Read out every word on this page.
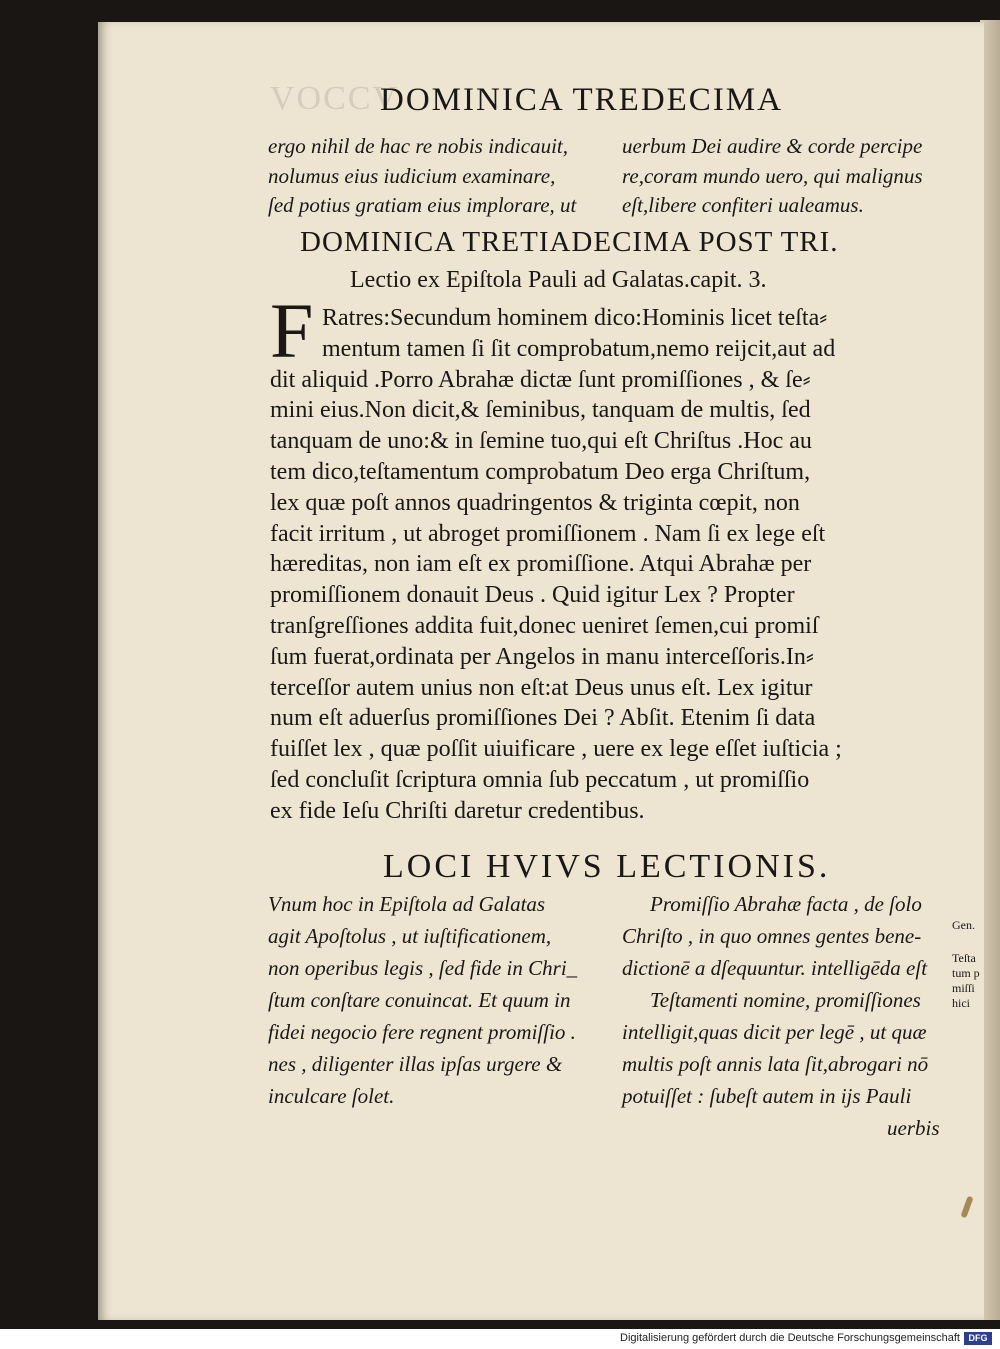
VOCCV
DOMINICA TREDECIMA
ergo nihil de hac re nobis indicauit,
nolumus eius iudicium examinare,
ſed potius gratiam eius implorare, ut
uerbum Dei audire & corde percipe
re,coram mundo uero, qui malignus
eſt,libere confiteri ualeamus.
DOMINICA TRETIADECIMA POST TRI.
Lectio ex Epiſtola Pauli ad Galatas.capit. 3.
F Ratres:Secundum hominem dico:Hominis licet teſta⸗
mentum tamen ſi ſit comprobatum,nemo reijcit,aut ad
dit aliquid .Porro Abrahæ dictæ ſunt promiſſiones , & ſe⸗
mini eius.Non dicit,& ſeminibus, tanquam de multis, ſed
tanquam de uno:& in ſemine tuo,qui eſt Chriſtus .Hoc au
tem dico,teſtamentum comprobatum Deo erga Chriſtum,
lex quæ poſt annos quadringentos & triginta cœpit, non
facit irritum , ut abroget promiſſionem . Nam ſi ex lege eſt
hæreditas, non iam eſt ex promiſſione. Atqui Abrahæ per
promiſſionem donauit Deus . Quid igitur Lex ? Propter
tranſgreſſiones addita fuit,donec ueniret ſemen,cui promiſ
ſum fuerat,ordinata per Angelos in manu interceſſoris.In⸗
terceſſor autem unius non eſt:at Deus unus eſt. Lex igitur
num eſt aduerſus promiſſiones Dei ? Abſit. Etenim ſi data
fuiſſet lex , quæ poſſit uiuificare , uere ex lege eſſet iuſticia ;
ſed concluſit ſcriptura omnia ſub peccatum , ut promiſſio
ex fide Ieſu Chriſti daretur credentibus.
LOCI HVIVS LECTIONIS.
Vnum hoc in Epiſtola ad Galatas
agit Apoſtolus , ut iuſtificationem,
non operibus legis , ſed fide in Chri_
ſtum conſtare conuincat. Et quum in
fidei negocio fere regnent promiſſio .
nes , diligenter illas ipſas urgere &
inculcare ſolet.
Promiſſio Abrahæ facta , de ſolo
Chriſto , in quo omnes gentes bene-
dictionē a dſequuntur. intelligēda eſt
Teſtamenti nomine, promiſſiones
intelligit,quas dicit per legē , ut quæ
multis poſt annis lata ſit,abrogari nō
potuiſſet : ſubeſt autem in ijs Pauli
uerbis
Gen.
Teſta
tum p
miſſi
hici
Digitalisierung gefördert durch die Deutsche Forschungsgemeinschaft DFG
